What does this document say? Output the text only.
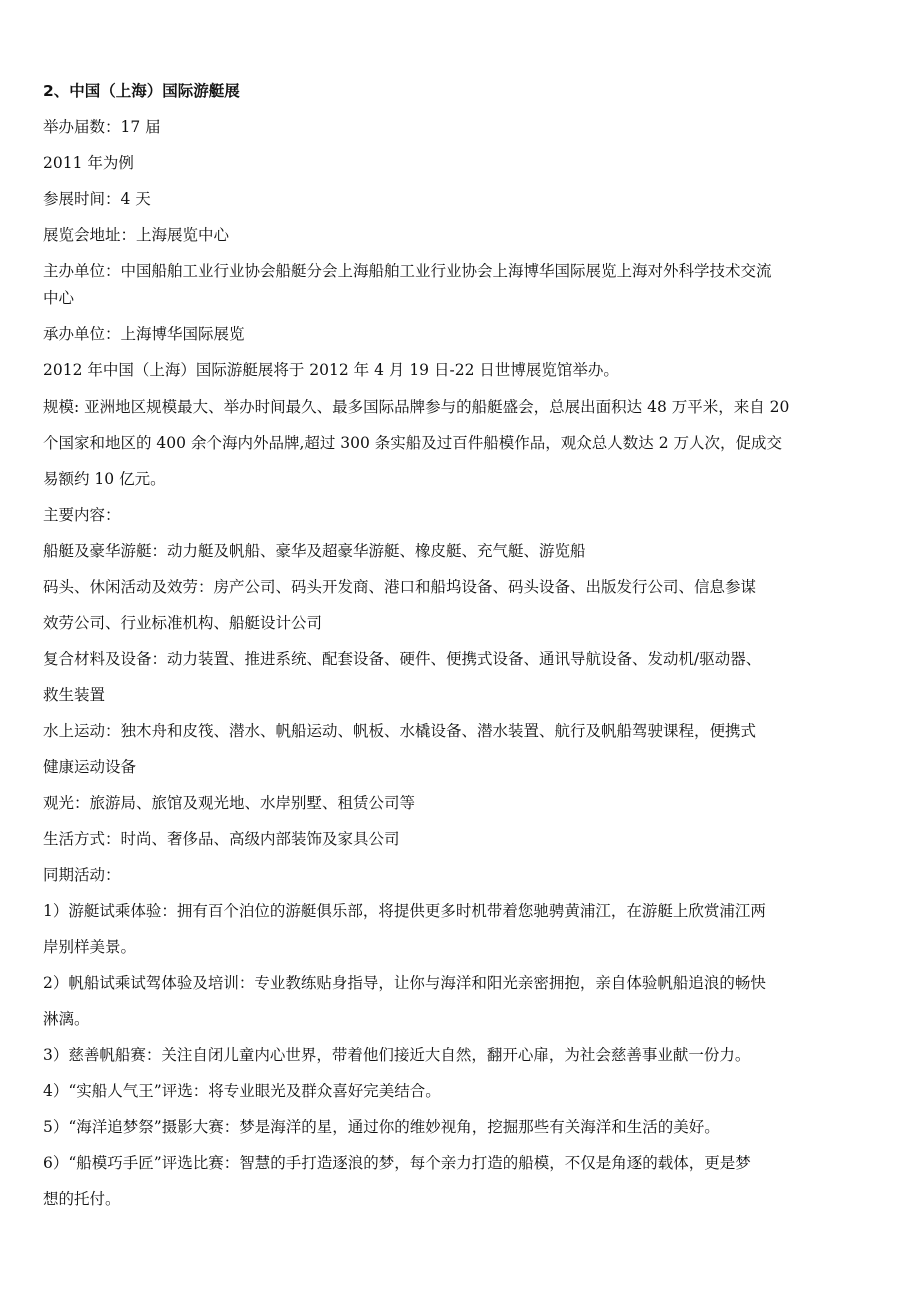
2、中国（上海）国际游艇展

举办届数：17 届

2011 年为例

参展时间：4 天

展览会地址：上海展览中心

主办单位：中国船舶工业行业协会船艇分会上海船舶工业行业协会上海博华国际展览上海对外科学技术交流

中心

承办单位：上海博华国际展览

2012 年中国（上海）国际游艇展将于 2012 年 4 月 19 日-22 日世博展览馆举办。

规模: 亚洲地区规模最大、举办时间最久、最多国际品牌参与的船艇盛会，总展出面积达 48 万平米，来自 20

个国家和地区的 400 余个海内外品牌,超过 300 条实船及过百件船模作品，观众总人数达 2 万人次，促成交

易额约 10 亿元。

主要内容：

船艇及豪华游艇：动力艇及帆船、豪华及超豪华游艇、橡皮艇、充气艇、游览船

码头、休闲活动及效劳：房产公司、码头开发商、港口和船坞设备、码头设备、出版发行公司、信息参谋

效劳公司、行业标准机构、船艇设计公司

复合材料及设备：动力装置、推进系统、配套设备、硬件、便携式设备、通讯导航设备、发动机/驱动器、

救生装置

水上运动：独木舟和皮筏、潜水、帆船运动、帆板、水橇设备、潜水装置、航行及帆船驾驶课程，便携式

健康运动设备

观光：旅游局、旅馆及观光地、水岸别墅、租赁公司等

生活方式：时尚、奢侈品、高级内部装饰及家具公司

同期活动：

1）游艇试乘体验：拥有百个泊位的游艇俱乐部，将提供更多时机带着您驰骋黄浦江，在游艇上欣赏浦江两

岸别样美景。

2）帆船试乘试驾体验及培训：专业教练贴身指导，让你与海洋和阳光亲密拥抱，亲自体验帆船追浪的畅快

淋漓。

3）慈善帆船赛：关注自闭儿童内心世界，带着他们接近大自然，翻开心扉，为社会慈善事业献一份力。

4）“实船人气王”评选：将专业眼光及群众喜好完美结合。

5）“海洋追梦祭”摄影大赛：梦是海洋的星，通过你的维妙视角，挖掘那些有关海洋和生活的美好。

6）“船模巧手匠”评选比赛：智慧的手打造逐浪的梦，每个亲力打造的船模，不仅是角逐的载体，更是梦

想的托付。
